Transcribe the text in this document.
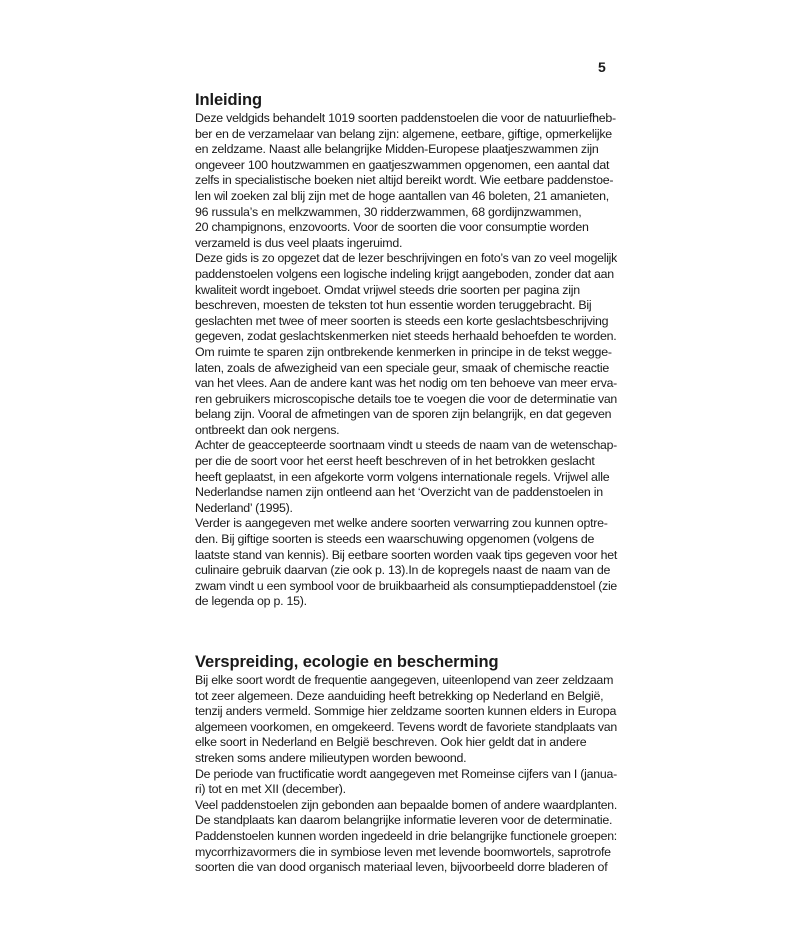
5
Inleiding
Deze veldgids behandelt 1019 soorten paddenstoelen die voor de natuurliefheb-
ber en de verzamelaar van belang zijn: algemene, eetbare, giftige, opmerkelijke
en zeldzame. Naast alle belangrijke Midden-Europese plaatjeszwammen zijn
ongeveer 100 houtzwammen en gaatjeszwammen opgenomen, een aantal dat
zelfs in specialistische boeken niet altijd bereikt wordt. Wie eetbare paddenstoe-
len wil zoeken zal blij zijn met de hoge aantallen van 46 boleten, 21 amanieten,
96 russula’s en melkzwammen, 30 ridderzwammen, 68 gordijnzwammen,
20 champignons, enzovoorts. Voor de soorten die voor consumptie worden
verzameld is dus veel plaats ingeruimd.
Deze gids is zo opgezet dat de lezer beschrijvingen en foto’s van zo veel mogelijk
paddenstoelen volgens een logische indeling krijgt aangeboden, zonder dat aan
kwaliteit wordt ingeboet. Omdat vrijwel steeds drie soorten per pagina zijn
beschreven, moesten de teksten tot hun essentie worden teruggebracht. Bij
geslachten met twee of meer soorten is steeds een korte geslachtsbeschrijving
gegeven, zodat geslachtskenmerken niet steeds herhaald behoefden te worden.
Om ruimte te sparen zijn ontbrekende kenmerken in principe in de tekst wegge-
laten, zoals de afwezigheid van een speciale geur, smaak of chemische reactie
van het vlees. Aan de andere kant was het nodig om ten behoeve van meer erva-
ren gebruikers microscopische details toe te voegen die voor de determinatie van
belang zijn. Vooral de afmetingen van de sporen zijn belangrijk, en dat gegeven
ontbreekt dan ook nergens.
Achter de geaccepteerde soortnaam vindt u steeds de naam van de wetenschap-
per die de soort voor het eerst heeft beschreven of in het betrokken geslacht
heeft geplaatst, in een afgekorte vorm volgens internationale regels. Vrijwel alle
Nederlandse namen zijn ontleend aan het ‘Overzicht van de paddenstoelen in
Nederland’ (1995).
Verder is aangegeven met welke andere soorten verwarring zou kunnen optre-
den. Bij giftige soorten is steeds een waarschuwing opgenomen (volgens de
laatste stand van kennis). Bij eetbare soorten worden vaak tips gegeven voor het
culinaire gebruik daarvan (zie ook p. 13).In de kopregels naast de naam van de
zwam vindt u een symbool voor de bruikbaarheid als consumptiepaddenstoel (zie
de legenda op p. 15).
Verspreiding, ecologie en bescherming
Bij elke soort wordt de frequentie aangegeven, uiteenlopend van zeer zeldzaam
tot zeer algemeen. Deze aanduiding heeft betrekking op Nederland en België,
tenzij anders vermeld. Sommige hier zeldzame soorten kunnen elders in Europa
algemeen voorkomen, en omgekeerd. Tevens wordt de favoriete standplaats van
elke soort in Nederland en België beschreven. Ook hier geldt dat in andere
streken soms andere milieutypen worden bewoond.
De periode van fructificatie wordt aangegeven met Romeinse cijfers van I (janua-
ri) tot en met XII (december).
Veel paddenstoelen zijn gebonden aan bepaalde bomen of andere waardplanten.
De standplaats kan daarom belangrijke informatie leveren voor de determinatie.
Paddenstoelen kunnen worden ingedeeld in drie belangrijke functionele groepen:
mycorrhizavormers die in symbiose leven met levende boomwortels, saprotrofe
soorten die van dood organisch materiaal leven, bijvoorbeeld dorre bladeren of
